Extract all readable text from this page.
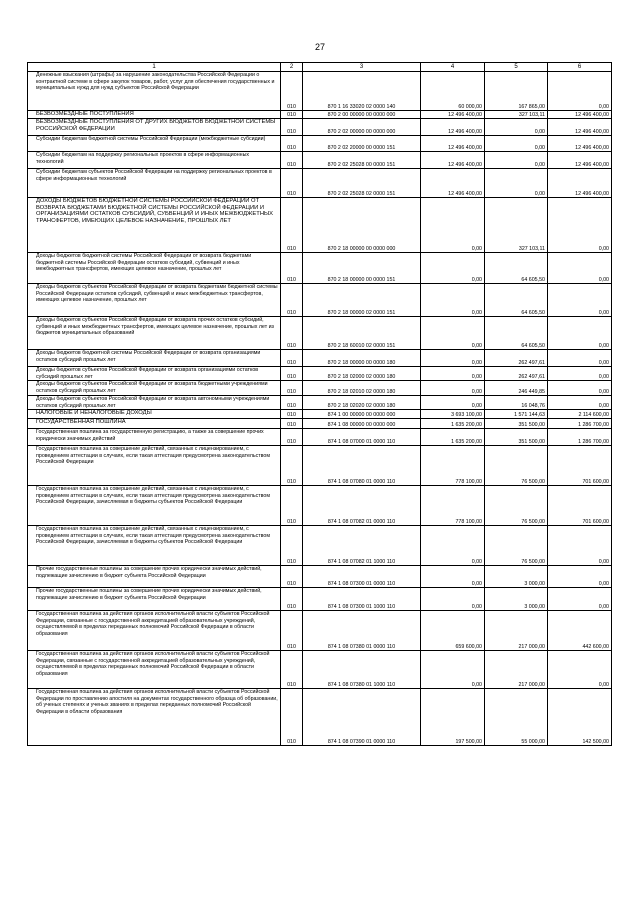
27
1	2	3	4	5	6

Денежные взыскания (штрафы) за нарушение законодательства Российской Федерации о контрактной системе в сфере закупок товаров, работ, услуг для обеспечения государственных и муниципальных нужд для нужд субъектов Российской Федерации	010	870 1 16 33020 02 0000 140	60 000,00	167 865,00	0,00

БЕЗВОЗМЕЗДНЫЕ ПОСТУПЛЕНИЯ	010	870 2 00 00000 00 0000 000	12 496 400,00	327 103,11	12 496 400,00

БЕЗВОЗМЕЗДНЫЕ ПОСТУПЛЕНИЯ ОТ ДРУГИХ БЮДЖЕТОВ БЮДЖЕТНОЙ СИСТЕМЫ РОССИЙСКОЙ ФЕДЕРАЦИИ	010	870 2 02 00000 00 0000 000	12 496 400,00	0,00	12 496 400,00

Субсидии бюджетам бюджетной системы Российской Федерации (межбюджетные субсидии)	010	870 2 02 20000 00 0000 151	12 496 400,00	0,00	12 496 400,00

Субсидии бюджетам на поддержку региональных проектов в сфере информационных технологий	010	870 2 02 25028 00 0000 151	12 496 400,00	0,00	12 496 400,00

Субсидии бюджетам субъектов Российской Федерации на поддержку региональных проектов в сфере информационных технологий	010	870 2 02 25028 02 0000 151	12 496 400,00	0,00	12 496 400,00

ДОХОДЫ БЮДЖЕТОВ БЮДЖЕТНОЙ СИСТЕМЫ РОССИЙСКОЙ ФЕДЕРАЦИИ ОТ ВОЗВРАТА БЮДЖЕТАМИ БЮДЖЕТНОЙ СИСТЕМЫ РОССИЙСКОЙ ФЕДЕРАЦИИ И ОРГАНИЗАЦИЯМИ ОСТАТКОВ СУБСИДИЙ, СУБВЕНЦИЙ И ИНЫХ МЕЖБЮДЖЕТНЫХ ТРАНСФЕРТОВ, ИМЕЮЩИХ ЦЕЛЕВОЕ НАЗНАЧЕНИЕ, ПРОШЛЫХ ЛЕТ	010	870 2 18 00000 00 0000 000	0,00	327 103,11	0,00

Доходы бюджетов бюджетной системы Российской Федерации от возврата бюджетами бюджетной системы Российской Федерации остатков субсидий, субвенций и иных межбюджетных трансфертов, имеющих целевое назначение, прошлых лет	010	870 2 18 00000 00 0000 151	0,00	64 605,50	0,00

Доходы бюджетов субъектов Российской Федерации от возврата бюджетами бюджетной системы Российской Федерации остатков субсидий, субвенций и иных межбюджетных трансфертов, имеющих целевое назначение, прошлых лет	010	870 2 18 00000 02 0000 151	0,00	64 605,50	0,00

Доходы бюджетов субъектов Российской Федерации от возврата прочих остатков субсидий, субвенций и иных межбюджетных трансфертов, имеющих целевое назначение, прошлых лет из бюджетов муниципальных образований	010	870 2 18 60010 02 0000 151	0,00	64 605,50	0,00

Доходы бюджетов бюджетной системы Российской Федерации от возврата организациями остатков субсидий прошлых лет	010	870 2 18 00000 00 0000 180	0,00	262 497,61	0,00

Доходы бюджетов субъектов Российской Федерации от возврата организациями остатков субсидий прошлых лет	010	870 2 18 02000 02 0000 180	0,00	262 497,61	0,00

Доходы бюджетов субъектов Российской Федерации от возврата бюджетными учреждениями остатков субсидий прошлых лет	010	870 2 18 02010 02 0000 180	0,00	246 449,85	0,00

Доходы бюджетов субъектов Российской Федерации от возврата автономными учреждениями остатков субсидий прошлых лет	010	870 2 18 02020 02 0000 180	0,00	16 048,76	0,00

НАЛОГОВЫЕ И НЕНАЛОГОВЫЕ ДОХОДЫ	010	874 1 00 00000 00 0000 000	3 693 100,00	1 571 144,63	2 114 600,00

ГОСУДАРСТВЕННАЯ ПОШЛИНА	010	874 1 08 00000 00 0000 000	1 635 200,00	351 500,00	1 286 700,00

Государственная пошлина за государственную регистрацию, а также за совершение прочих юридически значимых действий	010	874 1 08 07000 01 0000 110	1 635 200,00	351 500,00	1 286 700,00

Государственная пошлина за совершение действий, связанных с лицензированием, с проведением аттестации в случаях, если такая аттестация предусмотрена законодательством Российской Федерации	010	874 1 08 07080 01 0000 110	778 100,00	76 500,00	701 600,00

Государственная пошлина за совершение действий, связанных с лицензированием, с проведением аттестации в случаях, если такая аттестация предусмотрена законодательством Российской Федерации, зачисляемая в бюджеты субъектов Российской Федерации	010	874 1 08 07082 01 0000 110	778 100,00	76 500,00	701 600,00

Государственная пошлина за совершение действий, связанных с лицензированием, с проведением аттестации в случаях, если такая аттестация предусмотрена законодательством Российской Федерации, зачисляемая в бюджеты субъектов Российской Федерации	010	874 1 08 07082 01 1000 110	0,00	76 500,00	0,00

Прочие государственные пошлины за совершение прочих юридически значимых действий, подлежащие зачислению в бюджет субъекта Российской Федерации	010	874 1 08 07300 01 0000 110	0,00	3 000,00	0,00

Прочие государственные пошлины за совершение прочих юридически значимых действий, подлежащие зачислению в бюджет субъекта Российской Федерации	010	874 1 08 07300 01 1000 110	0,00	3 000,00	0,00

Государственная пошлина за действия органов исполнительной власти субъектов Российской Федерации, связанные с государственной аккредитацией образовательных учреждений, осуществляемой в пределах переданных полномочий Российской Федерации в области образования	010	874 1 08 07380 01 0000 110	659 600,00	217 000,00	442 600,00

Государственная пошлина за действия органов исполнительной власти субъектов Российской Федерации, связанные с государственной аккредитацией образовательных учреждений, осуществляемой в пределах переданных полномочий Российской Федерации в области образования	010	874 1 08 07380 01 1000 110	0,00	217 000,00	0,00

Государственная пошлина за действия органов исполнительной власти субъектов Российской Федерации по проставлению апостиля на документах государственного образца об образовании, об ученых степенях и ученых званиях в пределах переданных полномочий Российской Федерации в области образования	010	874 1 08 07390 01 0000 110	197 500,00	55 000,00	142 500,00
